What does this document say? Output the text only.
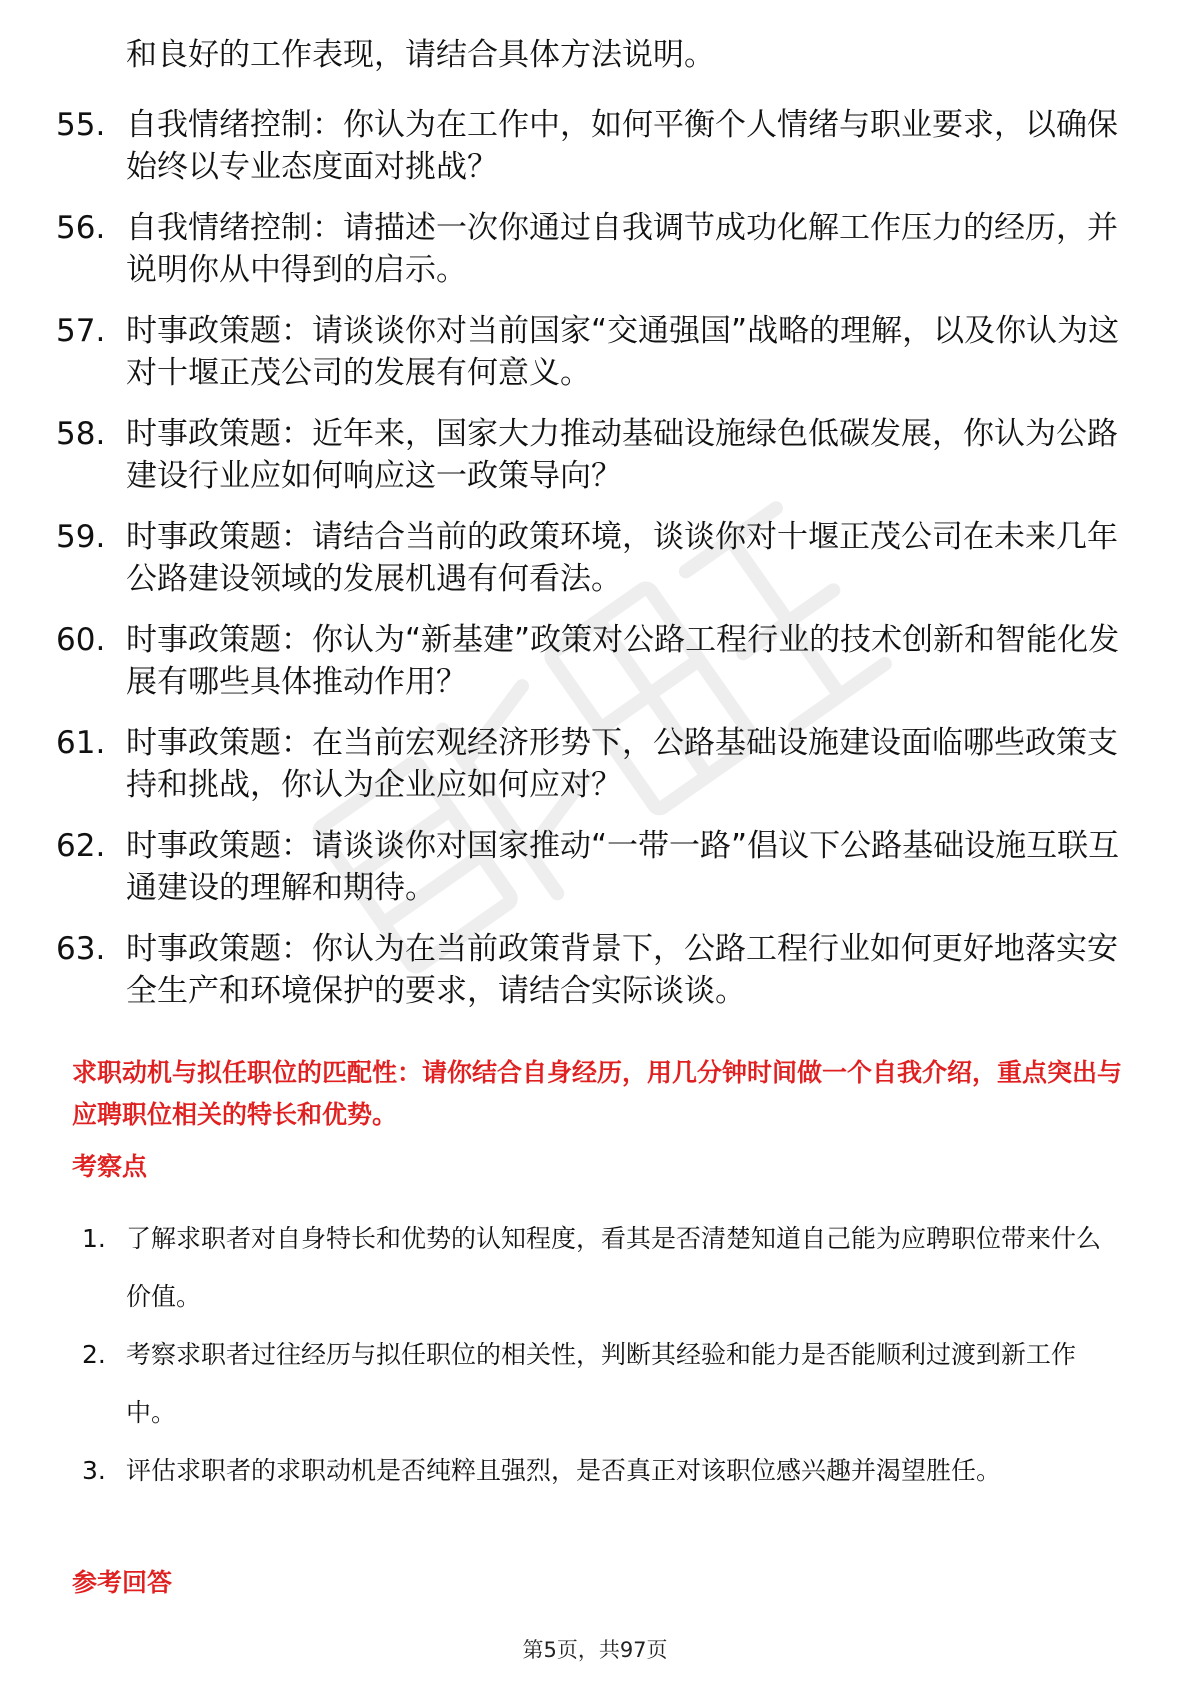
和良好的工作表现，请结合具体方法说明。
55. 自我情绪控制：你认为在工作中，如何平衡个人情绪与职业要求，以确保始终以专业态度面对挑战？
56. 自我情绪控制：请描述一次你通过自我调节成功化解工作压力的经历，并说明你从中得到的启示。
57. 时事政策题：请谈谈你对当前国家“交通强国”战略的理解，以及你认为这对十堰正茂公司的发展有何意义。
58. 时事政策题：近年来，国家大力推动基础设施绿色低碳发展，你认为公路建设行业应如何响应这一政策导向？
59. 时事政策题：请结合当前的政策环境，谈谈你对十堰正茂公司在未来几年公路建设领域的发展机遇有何看法。
60. 时事政策题：你认为“新基建”政策对公路工程行业的技术创新和智能化发展有哪些具体推动作用？
61. 时事政策题：在当前宏观经济形势下，公路基础设施建设面临哪些政策支持和挑战，你认为企业应如何应对？
62. 时事政策题：请谈谈你对国家推动“一带一路”倡议下公路基础设施互联互通建设的理解和期待。
63. 时事政策题：你认为在当前政策背景下，公路工程行业如何更好地落实安全生产和环境保护的要求，请结合实际谈谈。
求职动机与拟任职位的匹配性：请你结合自身经历，用几分钟时间做一个自我介绍，重点突出与应聘职位相关的特长和优势。
考察点
1. 了解求职者对自身特长和优势的认知程度，看其是否清楚知道自己能为应聘职位带来什么价值。
2. 考察求职者过往经历与拟任职位的相关性，判断其经验和能力是否能顺利过渡到新工作中。
3. 评估求职者的求职动机是否纯粹且强烈，是否真正对该职位感兴趣并渴望胜任。
参考回答
第5页，共97页
